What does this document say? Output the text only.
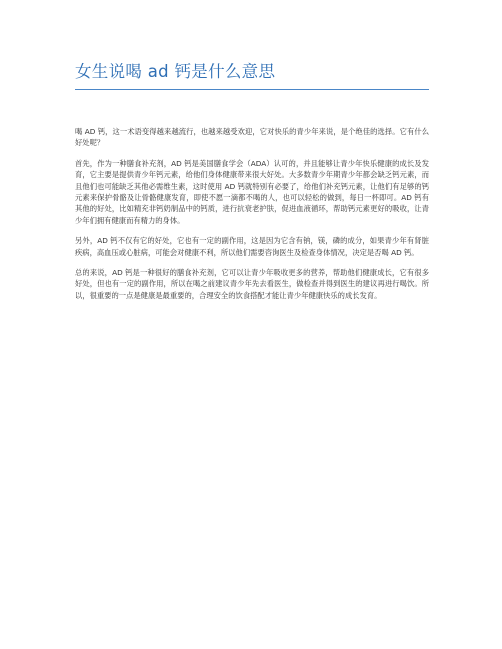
女生说喝 ad 钙是什么意思

喝 AD 钙，这一术语变得越来越流行，也越来越受欢迎，它对快乐的青少年来说，是个绝佳的选择。它有什么好处呢？

首先，作为一种膳食补充剂，AD 钙是美国膳食学会（ADA）认可的，并且能够让青少年快乐健康的成长及发育，它主要是提供青少年钙元素，给他们身体健康带来很大好处。大多数青少年期青少年都会缺乏钙元素，而且他们也可能缺乏其他必需维生素，这时使用 AD 钙就特别有必要了，给他们补充钙元素，让他们有足够的钙元素来保护骨骼及让骨骼健康发育，即使不愿一滴都不喝的人，也可以轻松的做到，每日一杯即可。AD 钙有其他的好处，比如精充非钙奶制品中的钙质，进行抗衰老护肤，促进血液循环，帮助钙元素更好的吸收，让青少年们拥有健康而有精力的身体。

另外，AD 钙不仅有它的好处，它也有一定的副作用，这是因为它含有钠，镁，磷的成分，如果青少年有肾脏疾病，高血压或心脏病，可能会对健康不利，所以他们需要咨询医生及检查身体情况，决定是否喝 AD 钙。

总的来说，AD 钙是一种很好的膳食补充剂，它可以让青少年吸收更多的营养，帮助他们健康成长，它有很多好处，但也有一定的副作用，所以在喝之前建议青少年先去看医生，做检查并得到医生的建议再进行喝饮。所以，很重要的一点是健康是最重要的，合理安全的饮食搭配才能让青少年健康快乐的成长发育。
